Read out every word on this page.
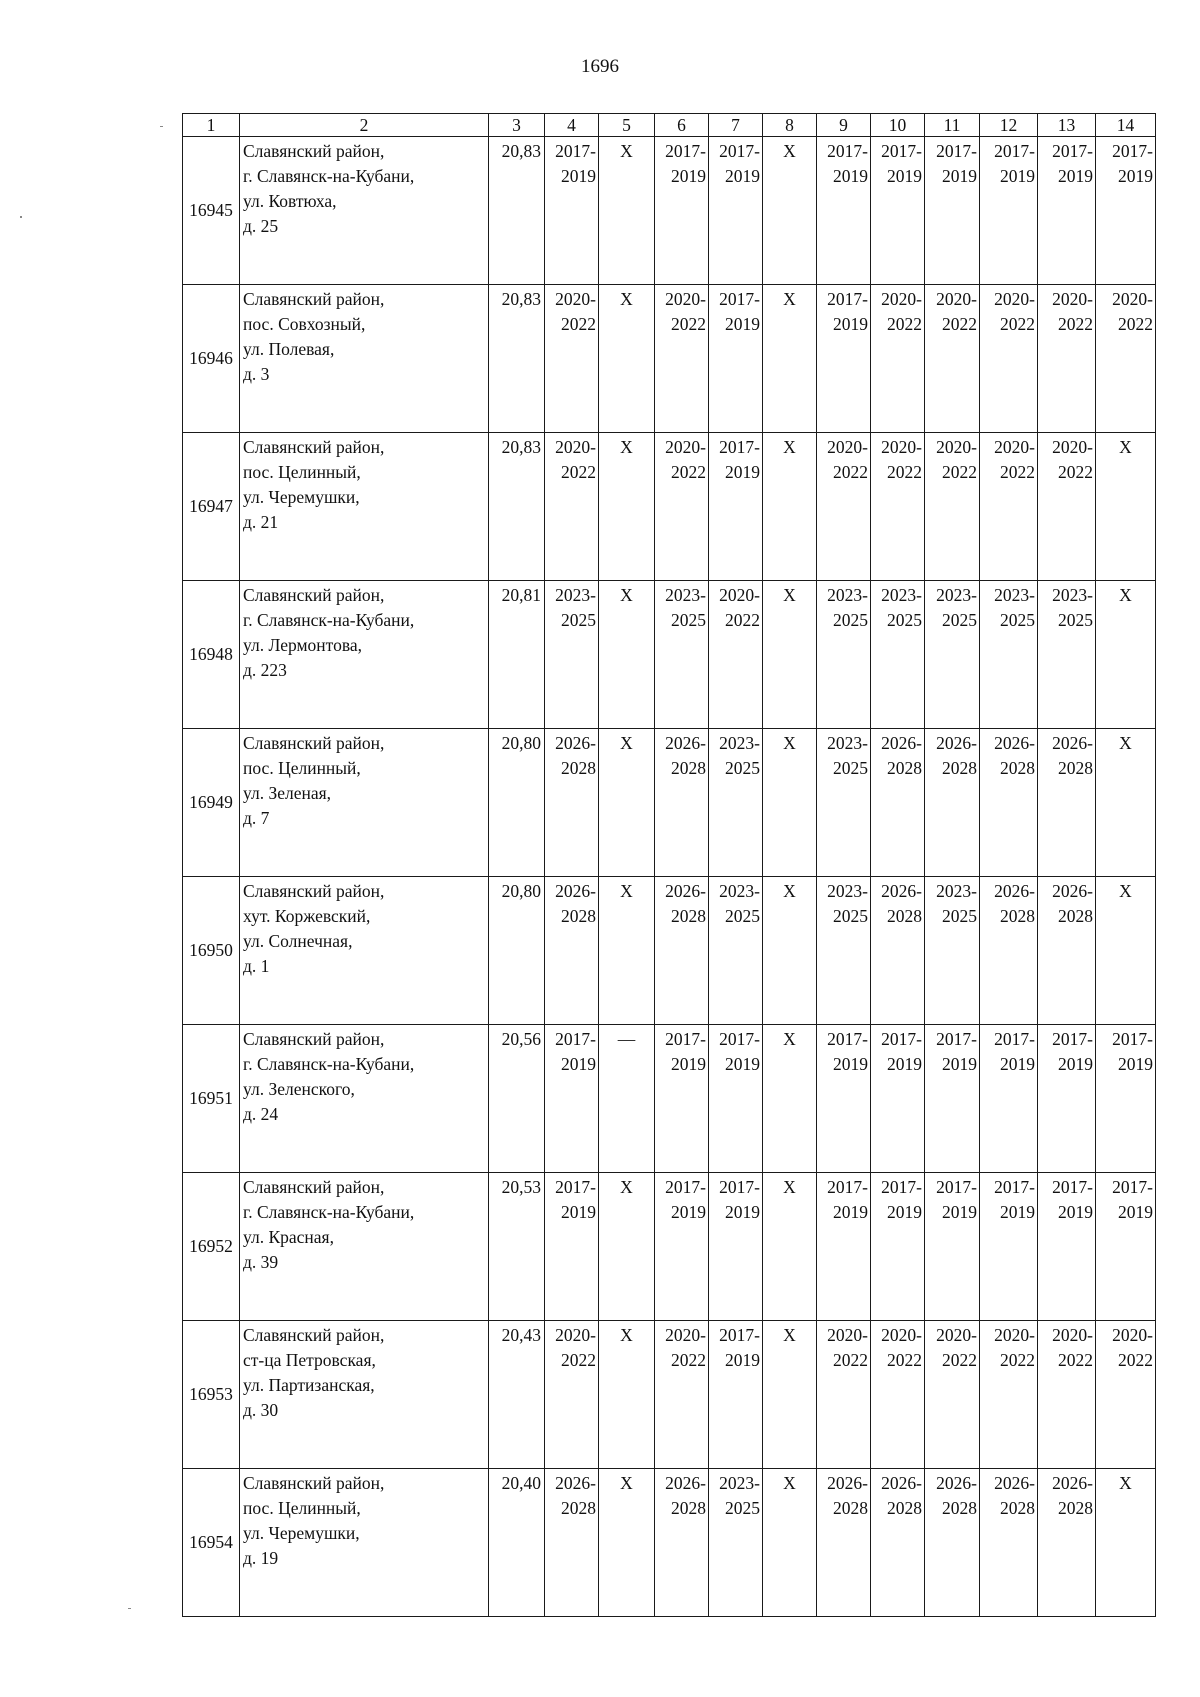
1696
1	2	3	4	5	6	7	8	9	10	11	12	13	14
16945	Славянский район,
г. Славянск-на-Кубани,
ул. Ковтюха,
д. 25	20,83	2017-
2019	X	2017-
2019	2017-
2019	X	2017-
2019	2017-
2019	2017-
2019	2017-
2019	2017-
2019	2017-
2019

16946	Славянский район,
пос. Совхозный,
ул. Полевая,
д. 3	20,83	2020-
2022	X	2020-
2022	2017-
2019	X	2017-
2019	2020-
2022	2020-
2022	2020-
2022	2020-
2022	2020-
2022

16947	Славянский район,
пос. Целинный,
ул. Черемушки,
д. 21	20,83	2020-
2022	X	2020-
2022	2017-
2019	X	2020-
2022	2020-
2022	2020-
2022	2020-
2022	2020-
2022	X

16948	Славянский район,
г. Славянск-на-Кубани,
ул. Лермонтова,
д. 223	20,81	2023-
2025	X	2023-
2025	2020-
2022	X	2023-
2025	2023-
2025	2023-
2025	2023-
2025	2023-
2025	X

16949	Славянский район,
пос. Целинный,
ул. Зеленая,
д. 7	20,80	2026-
2028	X	2026-
2028	2023-
2025	X	2023-
2025	2026-
2028	2026-
2028	2026-
2028	2026-
2028	X

16950	Славянский район,
хут. Коржевский,
ул. Солнечная,
д. 1	20,80	2026-
2028	X	2026-
2028	2023-
2025	X	2023-
2025	2026-
2028	2023-
2025	2026-
2028	2026-
2028	X

16951	Славянский район,
г. Славянск-на-Кубани,
ул. Зеленского,
д. 24	20,56	2017-
2019	—	2017-
2019	2017-
2019	X	2017-
2019	2017-
2019	2017-
2019	2017-
2019	2017-
2019	2017-
2019

16952	Славянский район,
г. Славянск-на-Кубани,
ул. Красная,
д. 39	20,53	2017-
2019	X	2017-
2019	2017-
2019	X	2017-
2019	2017-
2019	2017-
2019	2017-
2019	2017-
2019	2017-
2019

16953	Славянский район,
ст-ца Петровская,
ул. Партизанская,
д. 30	20,43	2020-
2022	X	2020-
2022	2017-
2019	X	2020-
2022	2020-
2022	2020-
2022	2020-
2022	2020-
2022	2020-
2022

16954	Славянский район,
пос. Целинный,
ул. Черемушки,
д. 19	20,40	2026-
2028	X	2026-
2028	2023-
2025	X	2026-
2028	2026-
2028	2026-
2028	2026-
2028	2026-
2028	X
